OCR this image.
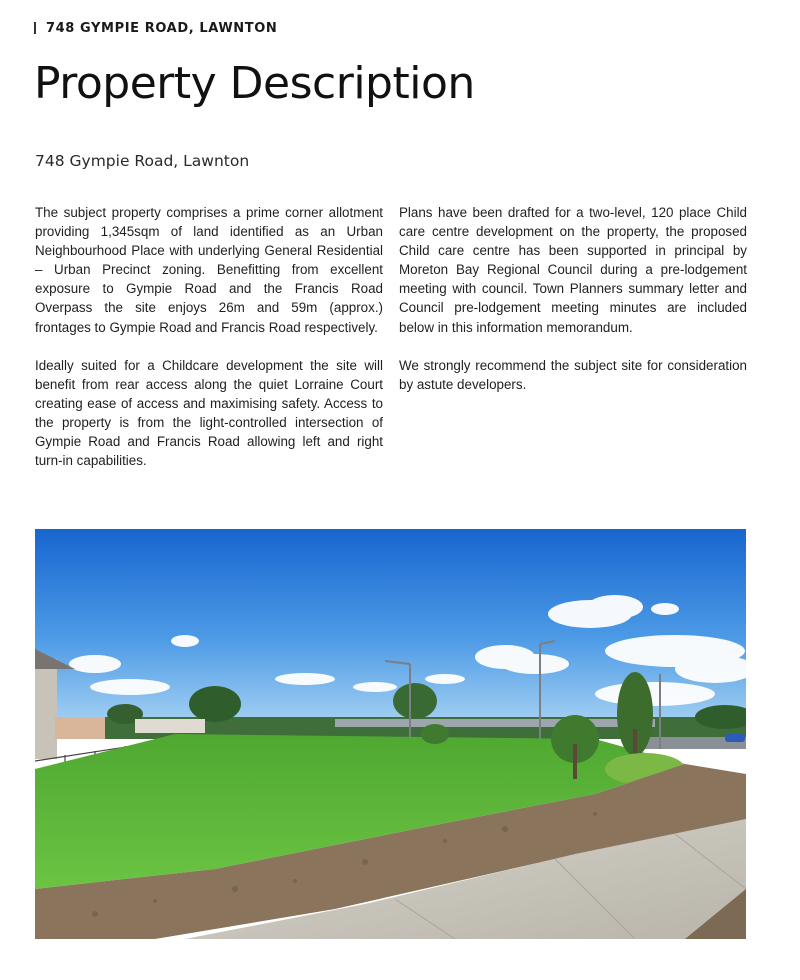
748 GYMPIE ROAD, LAWNTON
Property Description
748 Gympie Road, Lawnton

The subject property comprises a prime corner allotment providing 1,345sqm of land identified as an Urban Neighbourhood Place with underlying General Residential – Urban Precinct zoning. Benefitting from excellent exposure to Gympie Road and the Francis Road Overpass the site enjoys 26m and 59m (approx.) frontages to Gympie Road and Francis Road respectively.

Ideally suited for a Childcare development the site will benefit from rear access along the quiet Lorraine Court creating ease of access and maximising safety. Access to the property is from the light-controlled intersection of Gympie Road and Francis Road allowing left and right turn-in capabilities.

Plans have been drafted for a two-level, 120 place Child care centre development on the property, the proposed Child care centre has been supported in principal by Moreton Bay Regional Council during a pre-lodgement meeting with council. Town Planners summary letter and Council pre-lodgement meeting minutes are included below in this information memorandum.

We strongly recommend the subject site for consideration by astute developers.
